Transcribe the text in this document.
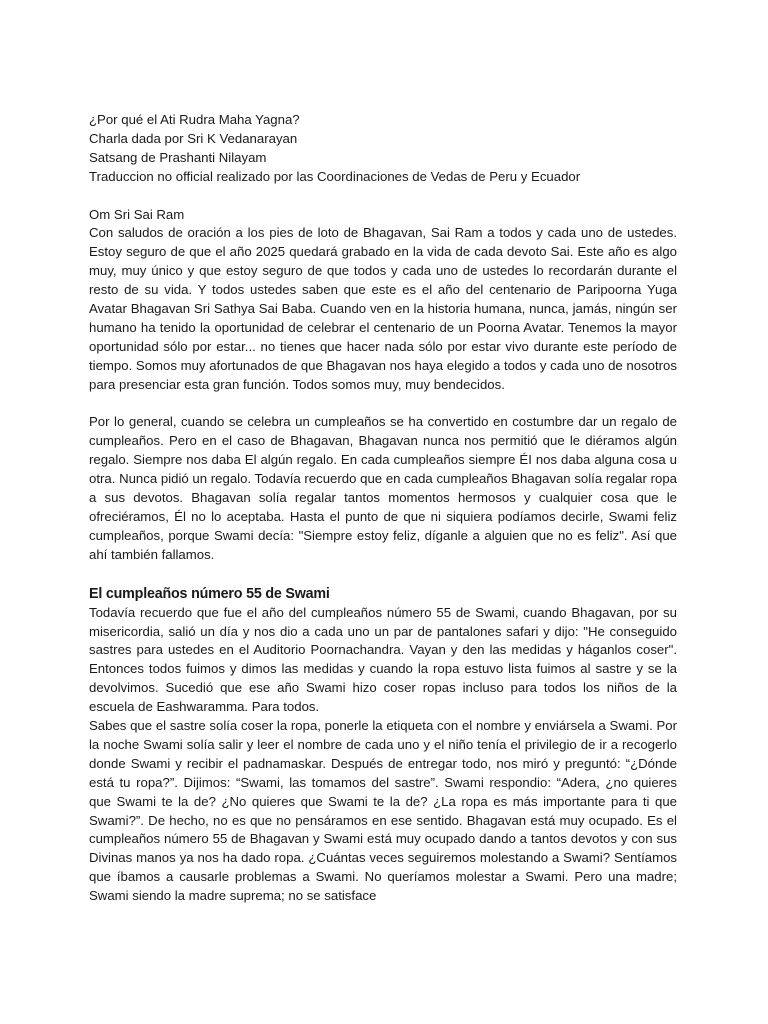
¿Por qué el Ati Rudra Maha Yagna?

Charla dada por Sri K Vedanarayan

Satsang de Prashanti Nilayam

Traduccion no official realizado por las Coordinaciones de Vedas de Peru y Ecuador

Om Sri Sai Ram

Con saludos de oración a los pies de loto de Bhagavan, Sai Ram a todos y cada uno de ustedes. Estoy seguro de que el año 2025 quedará grabado en la vida de cada devoto Sai. Este año es algo muy, muy único y que estoy seguro de que todos y cada uno de ustedes lo recordarán durante el resto de su vida. Y todos ustedes saben que este es el año del centenario de Paripoorna Yuga Avatar Bhagavan Sri Sathya Sai Baba. Cuando ven en la historia humana, nunca, jamás, ningún ser humano ha tenido la oportunidad de celebrar el centenario de un Poorna Avatar. Tenemos la mayor oportunidad sólo por estar... no tienes que hacer nada sólo por estar vivo durante este período de tiempo. Somos muy afortunados de que Bhagavan nos haya elegido a todos y cada uno de nosotros para presenciar esta gran función. Todos somos muy, muy bendecidos.

Por lo general, cuando se celebra un cumpleaños se ha convertido en costumbre dar un regalo de cumpleaños. Pero en el caso de Bhagavan, Bhagavan nunca nos permitió que le diéramos algún regalo. Siempre nos daba El algún regalo. En cada cumpleaños siempre ÉI nos daba alguna cosa u otra. Nunca pidió un regalo. Todavía recuerdo que en cada cumpleaños Bhagavan solía regalar ropa a sus devotos. Bhagavan solía regalar tantos momentos hermosos y cualquier cosa que le ofreciéramos, Él no lo aceptaba. Hasta el punto de que ni siquiera podíamos decirle, Swami feliz cumpleaños, porque Swami decía: "Siempre estoy feliz, díganle a alguien que no es feliz". Así que ahí también fallamos.

El cumpleaños número 55 de Swami

Todavía recuerdo que fue el año del cumpleaños número 55 de Swami, cuando Bhagavan, por su misericordia, salió un día y nos dio a cada uno un par de pantalones safari y dijo: "He conseguido sastres para ustedes en el Auditorio Poornachandra. Vayan y den las medidas y háganlos coser". Entonces todos fuimos y dimos las medidas y cuando la ropa estuvo lista fuimos al sastre y se la devolvimos. Sucedió que ese año Swami hizo coser ropas incluso para todos los niños de la escuela de Eashwaramma. Para todos.

Sabes que el sastre solía coser la ropa, ponerle la etiqueta con el nombre y enviársela a Swami. Por la noche Swami solía salir y leer el nombre de cada uno y el niño tenía el privilegio de ir a recogerlo donde Swami y recibir el padnamaskar. Después de entregar todo, nos miró y preguntó: “¿Dónde está tu ropa?”. Dijimos: “Swami, las tomamos del sastre”. Swami respondio: “Adera, ¿no quieres que Swami te la de? ¿No quieres que Swami te la de? ¿La ropa es más importante para ti que Swami?”. De hecho, no es que no pensáramos en ese sentido. Bhagavan está muy ocupado. Es el cumpleaños número 55 de Bhagavan y Swami está muy ocupado dando a tantos devotos y con sus Divinas manos ya nos ha dado ropa. ¿Cuántas veces seguiremos molestando a Swami? Sentíamos que íbamos a causarle problemas a Swami. No queríamos molestar a Swami. Pero una madre; Swami siendo la madre suprema; no se satisface
